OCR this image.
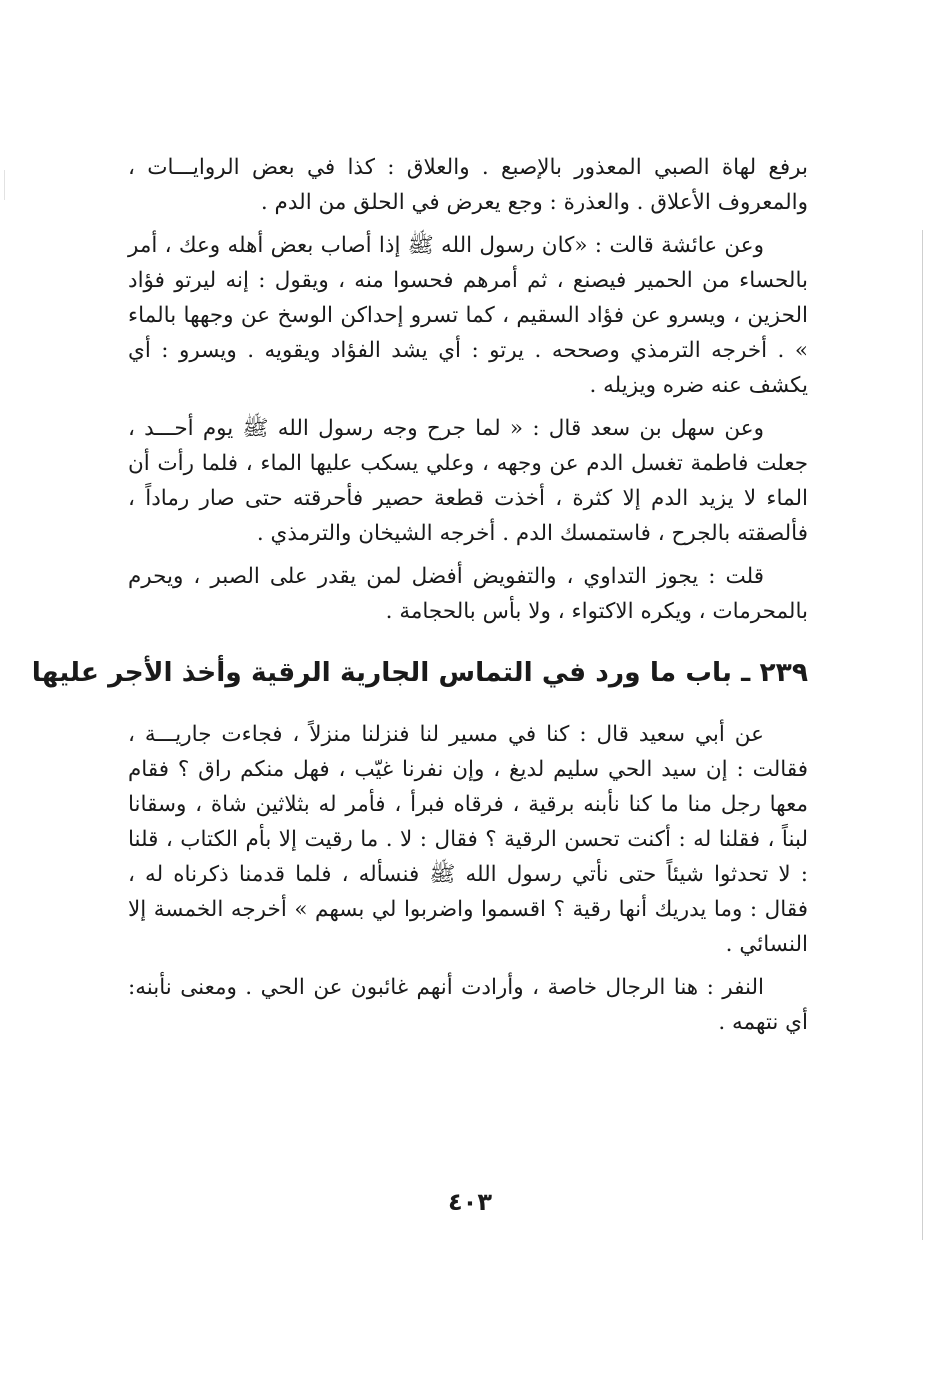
برفع لهاة الصبي المعذور بالإصبع . والعلاق : كذا في بعض الروايـــات ، والمعروف الأعلاق . والعذرة : وجع يعرض في الحلق من الدم .

وعن عائشة قالت : «كان رسول الله ﷺ إذا أصاب بعض أهله وعك ، أمر بالحساء من الحمير فيصنع ، ثم أمرهم فحسوا منه ، ويقول : إنه ليرتو فؤاد الحزين ، ويسرو عن فؤاد السقيم ، كما تسرو إحداكن الوسخ عن وجهها بالماء » . أخرجه الترمذي وصححه . يرتو : أي يشد الفؤاد ويقويه . ويسرو : أي يكشف عنه ضره ويزيله .

وعن سهل بن سعد قال : « لما جرح وجه رسول الله ﷺ يوم أحـــد ، جعلت فاطمة تغسل الدم عن وجهه ، وعلي يسكب عليها الماء ، فلما رأت أن الماء لا يزيد الدم إلا كثرة ، أخذت قطعة حصير فأحرقته حتى صار رماداً ، فألصقته بالجرح ، فاستمسك الدم . أخرجه الشيخان والترمذي .

قلت : يجوز التداوي ، والتفويض أفضل لمن يقدر على الصبر ، ويحرم بالمحرمات ، ويكره الاكتواء ، ولا بأس بالحجامة .

٢٣٩ ـ باب ما ورد في التماس الجارية الرقية وأخذ الأجر عليها

عن أبي سعيد قال : كنا في مسير لنا فنزلنا منزلاً ، فجاءت جاريـــة ، فقالت : إن سيد الحي سليم لديغ ، وإن نفرنا غيّب ، فهل منكم راق ؟ فقام معها رجل منا ما كنا نأبنه برقية ، فرقاه فبرأ ، فأمر له بثلاثين شاة ، وسقانا لبناً ، فقلنا له : أكنت تحسن الرقية ؟ فقال : لا . ما رقيت إلا بأم الكتاب ، قلنا : لا تحدثوا شيئاً حتى نأتي رسول الله ﷺ فنسأله ، فلما قدمنا ذكرناه له ، فقال : وما يدريك أنها رقية ؟ اقسموا واضربوا لي بسهم » أخرجه الخمسة إلا النسائي .

النفر : هنا الرجال خاصة ، وأرادت أنهم غائبون عن الحي . ومعنى نأبنه: أي نتهمه .

٤٠٣
